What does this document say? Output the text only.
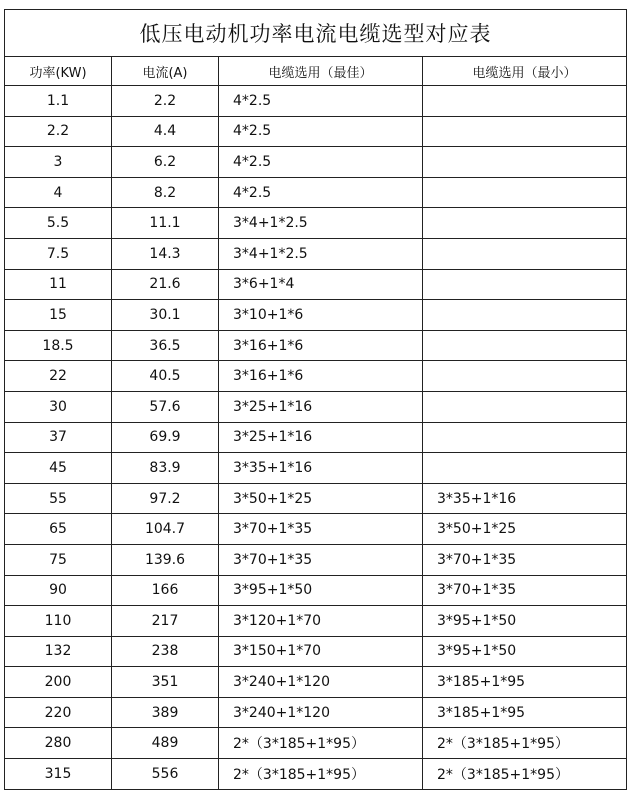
低压电动机功率电流电缆选型对应表			
功率(KW)	电流(A)	电缆选用（最佳）	电缆选用（最小）
1.1	2.2	4*2.5	
2.2	4.4	4*2.5	
3	6.2	4*2.5	
4	8.2	4*2.5	
5.5	11.1	3*4+1*2.5	
7.5	14.3	3*4+1*2.5	
11	21.6	3*6+1*4	
15	30.1	3*10+1*6	
18.5	36.5	3*16+1*6	
22	40.5	3*16+1*6	
30	57.6	3*25+1*16	
37	69.9	3*25+1*16	
45	83.9	3*35+1*16	
55	97.2	3*50+1*25	3*35+1*16
65	104.7	3*70+1*35	3*50+1*25
75	139.6	3*70+1*35	3*70+1*35
90	166	3*95+1*50	3*70+1*35
110	217	3*120+1*70	3*95+1*50
132	238	3*150+1*70	3*95+1*50
200	351	3*240+1*120	3*185+1*95
220	389	3*240+1*120	3*185+1*95
280	489	2*（3*185+1*95）	2*（3*185+1*95）
315	556	2*（3*185+1*95）	2*（3*185+1*95）
